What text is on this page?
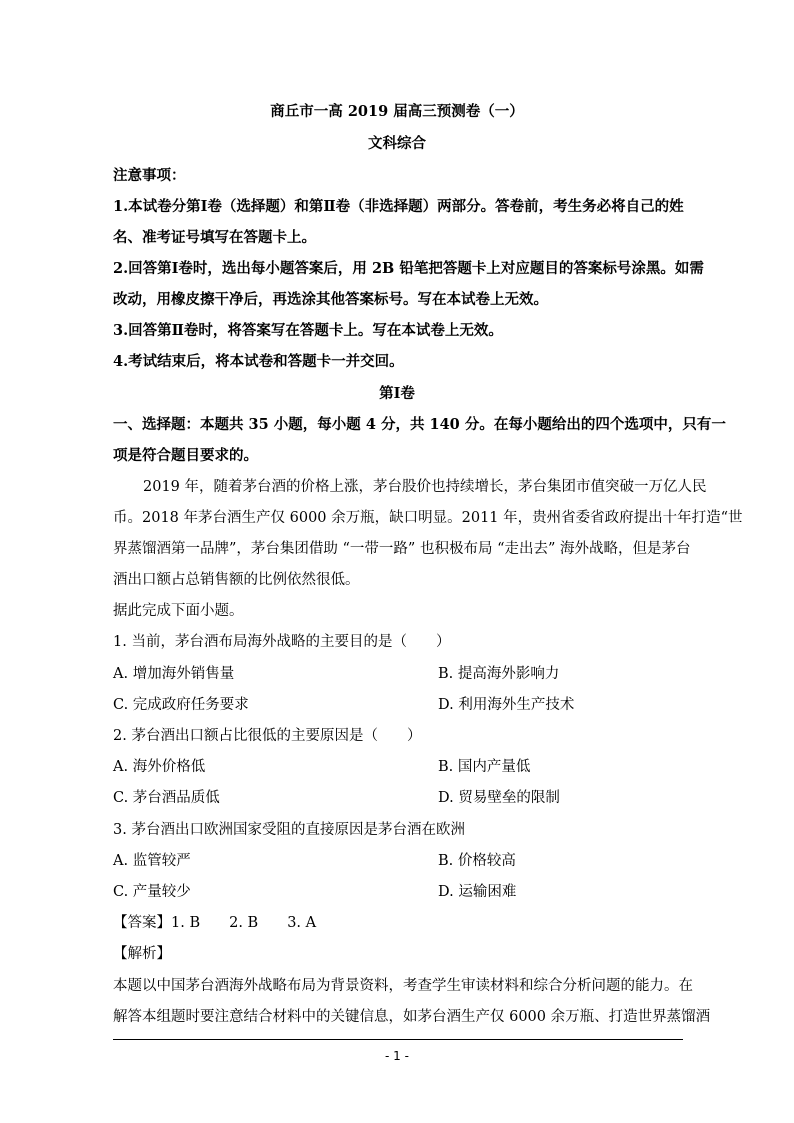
商丘市一高 2019 届高三预测卷（一）
文科综合
注意事项：
1.本试卷分第Ⅰ卷（选择题）和第Ⅱ卷（非选择题）两部分。答卷前，考生务必将自己的姓
名、准考证号填写在答题卡上。
2.回答第Ⅰ卷时，选出每小题答案后，用 2B 铅笔把答题卡上对应题目的答案标号涂黑。如需
改动，用橡皮擦干净后，再选涂其他答案标号。写在本试卷上无效。
3.回答第Ⅱ卷时，将答案写在答题卡上。写在本试卷上无效。
4.考试结束后，将本试卷和答题卡一并交回。
第Ⅰ卷
一、选择题：本题共 35 小题，每小题 4 分，共 140 分。在每小题给出的四个选项中，只有一
项是符合题目要求的。
2019 年，随着茅台酒的价格上涨，茅台股价也持续增长，茅台集团市值突破一万亿人民
币。2018 年茅台酒生产仅 6000 余万瓶，缺口明显。2011 年，贵州省委省政府提出十年打造“世
界蒸馏酒第一品牌”，茅台集团借助 “一带一路” 也积极布局 “走出去” 海外战略，但是茅台
酒出口额占总销售额的比例依然很低。
据此完成下面小题。
1. 当前，茅台酒布局海外战略的主要目的是（　　）
A. 增加海外销售量	B. 提高海外影响力
C. 完成政府任务要求	D. 利用海外生产技术
2. 茅台酒出口额占比很低的主要原因是（　　）
A. 海外价格低	B. 国内产量低
C. 茅台酒品质低	D. 贸易壁垒的限制
3. 茅台酒出口欧洲国家受阻的直接原因是茅台酒在欧洲
A. 监管较严	B. 价格较高
C. 产量较少	D. 运输困难
【答案】1. B　　2. B　　3. A
【解析】
本题以中国茅台酒海外战略布局为背景资料，考查学生审读材料和综合分析问题的能力。在
解答本组题时要注意结合材料中的关键信息，如茅台酒生产仅 6000 余万瓶、打造世界蒸馏酒
- 1 -
